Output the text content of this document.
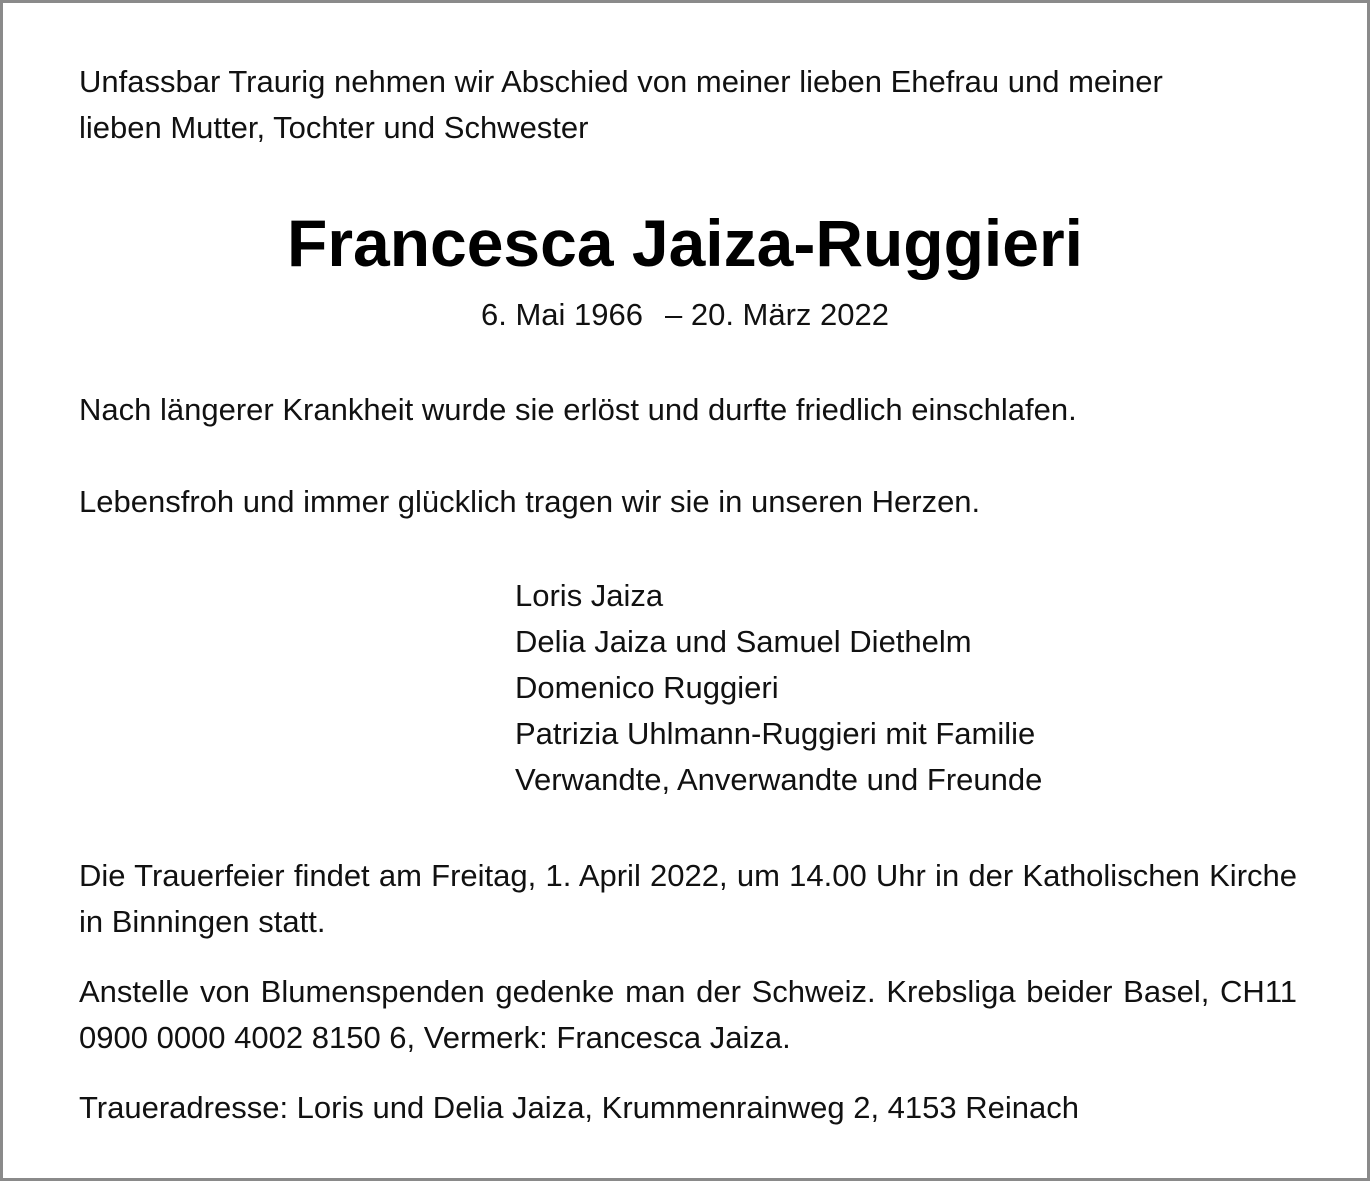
Unfassbar Traurig nehmen wir Abschied von meiner lieben Ehefrau und meiner
lieben Mutter, Tochter und Schwester
Francesca Jaiza-Ruggieri

6. Mai 1966 – 20. März 2022

Nach längerer Krankheit wurde sie erlöst und durfte friedlich einschlafen.

Lebensfroh und immer glücklich tragen wir sie in unseren Herzen.

Loris Jaiza
Delia Jaiza und Samuel Diethelm
Domenico Ruggieri
Patrizia Uhlmann-Ruggieri mit Familie
Verwandte, Anverwandte und Freunde

Die Trauerfeier findet am Freitag, 1. April 2022, um 14.00 Uhr in der Katholischen Kirche in Binningen statt.

Anstelle von Blumenspenden gedenke man der Schweiz. Krebsliga beider Basel, CH11 0900 0000 4002 8150 6, Vermerk: Francesca Jaiza.

Traueradresse: Loris und Delia Jaiza, Krummenrainweg 2, 4153 Reinach
